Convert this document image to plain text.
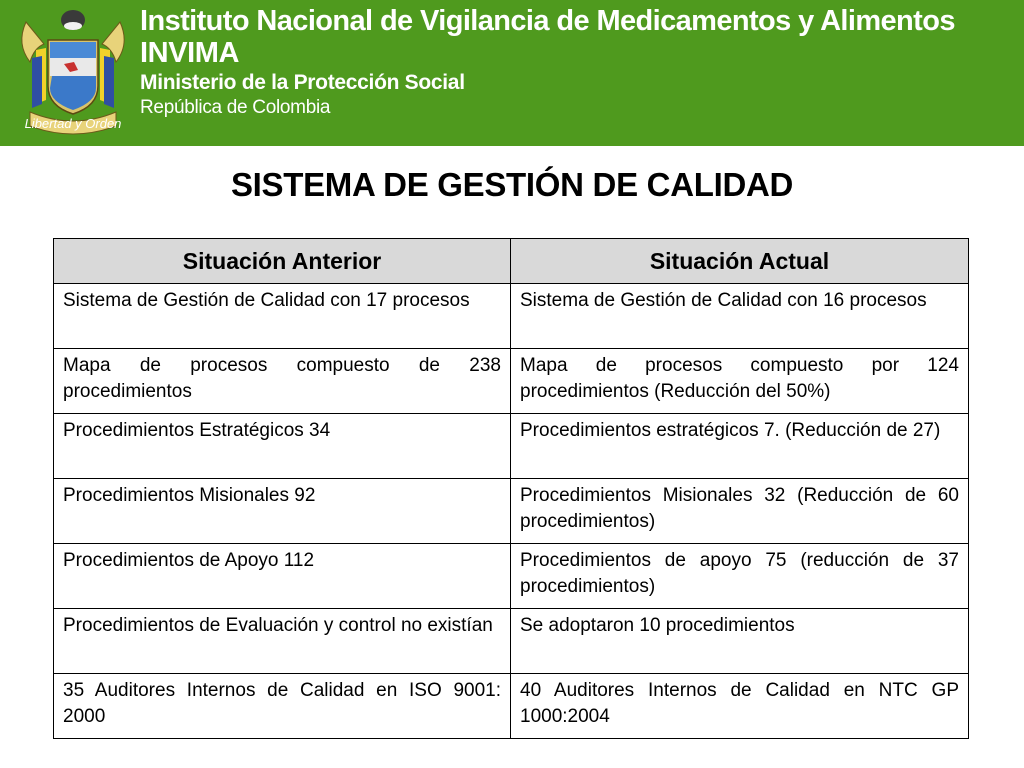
Libertad y Orden
Instituto Nacional de Vigilancia de Medicamentos y Alimentos
INVIMA
Ministerio de la Protección Social
República de Colombia
SISTEMA DE GESTIÓN DE CALIDAD
Situación Anterior	Situación Actual
Sistema de Gestión de Calidad con 17 procesos	Sistema de Gestión de Calidad con 16 procesos
Mapa de procesos compuesto de 238 procedimientos	Mapa de procesos compuesto por 124 procedimientos (Reducción del 50%)
Procedimientos Estratégicos 34	Procedimientos estratégicos 7. (Reducción de 27)
Procedimientos Misionales 92	Procedimientos Misionales 32 (Reducción de 60 procedimientos)
Procedimientos de Apoyo 112	Procedimientos de apoyo 75 (reducción de 37 procedimientos)
Procedimientos de Evaluación y control no existían	Se adoptaron 10 procedimientos
35 Auditores Internos de Calidad en ISO 9001: 2000	40 Auditores Internos de Calidad en NTC GP 1000:2004
